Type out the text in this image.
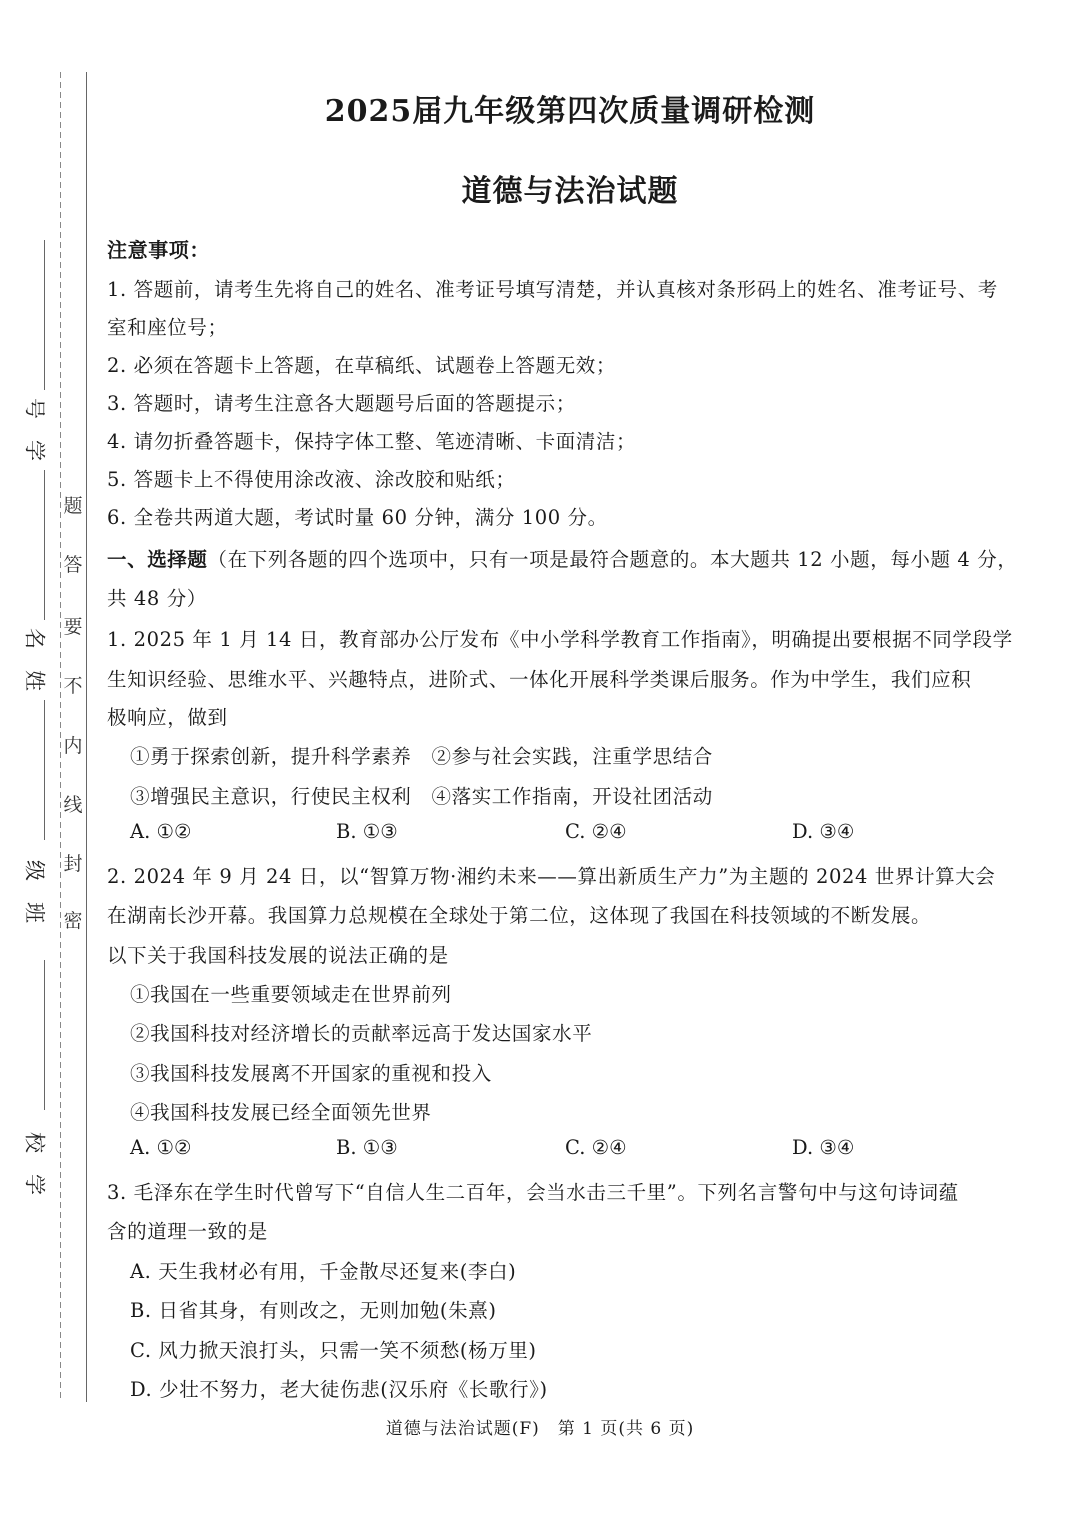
学

号
姓

名
班

级
学

校
题
答
要
不
内
线
封
密
2025届九年级第四次质量调研检测
道德与法治试题
注意事项：
1. 答题前，请考生先将自己的姓名、准考证号填写清楚，并认真核对条形码上的姓名、准考证号、考
室和座位号；
2. 必须在答题卡上答题，在草稿纸、试题卷上答题无效；
3. 答题时，请考生注意各大题题号后面的答题提示；
4. 请勿折叠答题卡，保持字体工整、笔迹清晰、卡面清洁；
5. 答题卡上不得使用涂改液、涂改胶和贴纸；
6. 全卷共两道大题，考试时量 60 分钟，满分 100 分。
一、选择题（在下列各题的四个选项中，只有一项是最符合题意的。本大题共 12 小题，每小题 4 分，
共 48 分）
1. 2025 年 1 月 14 日，教育部办公厅发布《中小学科学教育工作指南》，明确提出要根据不同学段学
生知识经验、思维水平、兴趣特点，进阶式、一体化开展科学类课后服务。作为中学生，我们应积
极响应，做到
①勇于探索创新，提升科学素养　②参与社会实践，注重学思结合
③增强民主意识，行使民主权利　④落实工作指南，开设社团活动
A. ①②	B. ①③	C. ②④	D. ③④
2. 2024 年 9 月 24 日，以“智算万物·湘约未来——算出新质生产力”为主题的 2024 世界计算大会
在湖南长沙开幕。我国算力总规模在全球处于第二位，这体现了我国在科技领域的不断发展。
以下关于我国科技发展的说法正确的是
①我国在一些重要领域走在世界前列
②我国科技对经济增长的贡献率远高于发达国家水平
③我国科技发展离不开国家的重视和投入
④我国科技发展已经全面领先世界
A. ①②	B. ①③	C. ②④	D. ③④
3. 毛泽东在学生时代曾写下“自信人生二百年，会当水击三千里”。下列名言警句中与这句诗词蕴
含的道理一致的是
A. 天生我材必有用，千金散尽还复来(李白)
B. 日省其身，有则改之，无则加勉(朱熹)
C. 风力掀天浪打头，只需一笑不须愁(杨万里)
D. 少壮不努力，老大徒伤悲(汉乐府《长歌行》)
道德与法治试题(F)　第 1 页(共 6 页)
